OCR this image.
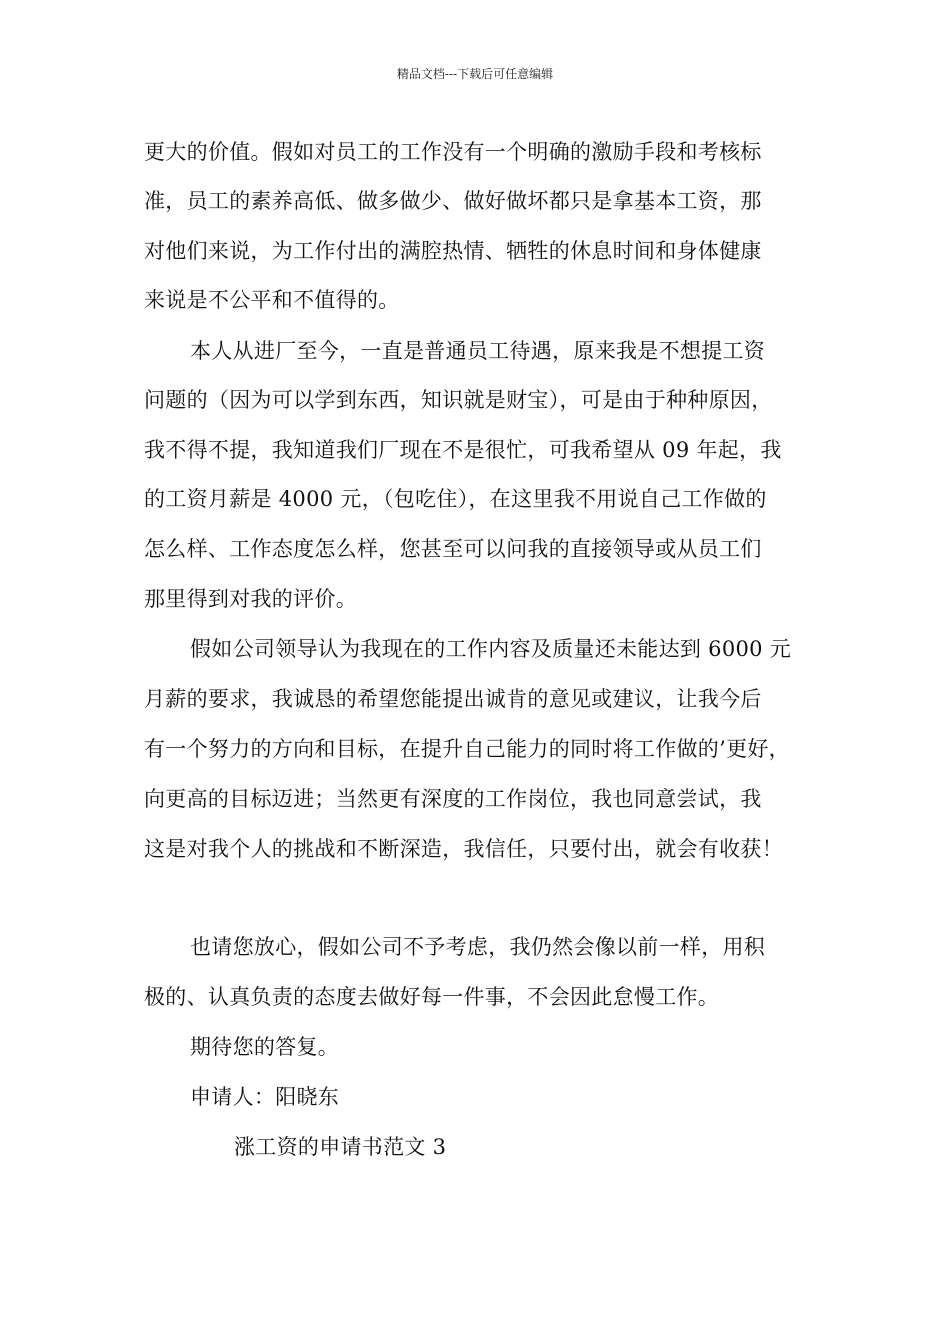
精品文档---下载后可任意编辑
更大的价值。假如对员工的工作没有一个明确的激励手段和考核标
准，员工的素养高低、做多做少、做好做坏都只是拿基本工资，那
对他们来说，为工作付出的满腔热情、牺牲的休息时间和身体健康
来说是不公平和不值得的。
本人从进厂至今，一直是普通员工待遇，原来我是不想提工资
问题的（因为可以学到东西，知识就是财宝），可是由于种种原因，
我不得不提，我知道我们厂现在不是很忙，可我希望从 09 年起，我
的工资月薪是 4000 元，（包吃住），在这里我不用说自己工作做的
怎么样、工作态度怎么样，您甚至可以问我的直接领导或从员工们
那里得到对我的评价。
假如公司领导认为我现在的工作内容及质量还未能达到 6000 元
月薪的要求，我诚恳的希望您能提出诚肯的意见或建议，让我今后
有一个努力的方向和目标，在提升自己能力的同时将工作做的’更好，
向更高的目标迈进；当然更有深度的工作岗位，我也同意尝试，我
这是对我个人的挑战和不断深造，我信任，只要付出，就会有收获！
也请您放心，假如公司不予考虑，我仍然会像以前一样，用积
极的、认真负责的态度去做好每一件事，不会因此怠慢工作。
期待您的答复。
申请人：阳晓东
涨工资的申请书范文 3
